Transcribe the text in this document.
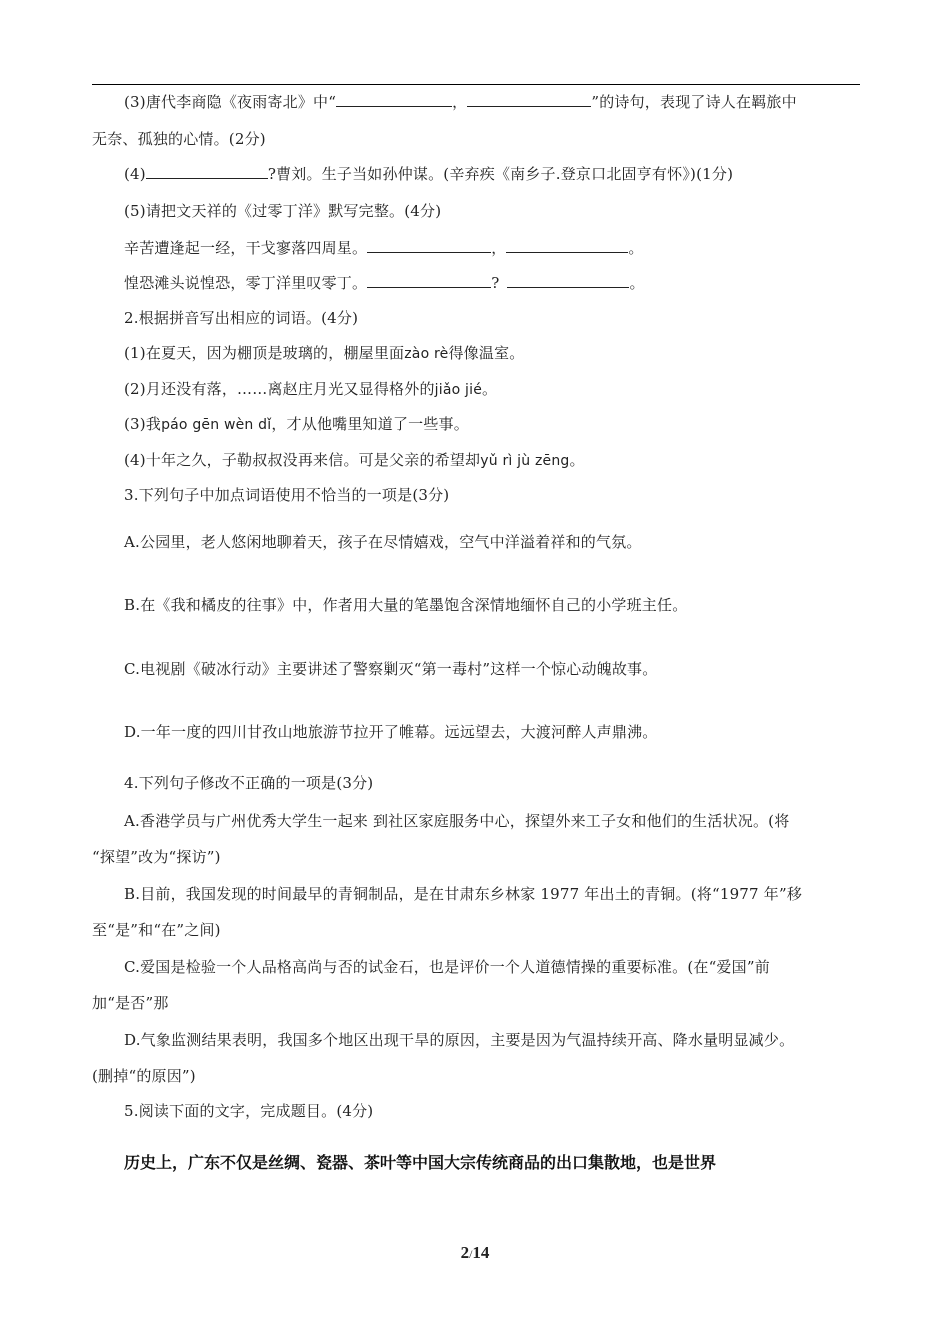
(3)唐代李商隐《夜雨寄北》中“	，	”的诗句，表现了诗人在羁旅中
无奈、孤独的心情。(2分)
(4)	?曹刘。生子当如孙仲谋。(辛弃疾《南乡子.登京口北固亨有怀》)(1分)
(5)请把文天祥的《过零丁洋》默写完整。(4分)
辛苦遭逢起一经，干戈寥落四周星。	，	。
惶恐滩头说惶恐，零丁洋里叹零丁。	?	。
2.根据拼音写出相应的词语。(4分)
(1)在夏天，因为棚顶是玻璃的，棚屋里面zào rè得像温室。
(2)月还没有落，……离赵庄月光又显得格外的jiǎo jié。
(3)我páo gēn wèn dǐ，才从他嘴里知道了一些事。
(4)十年之久，子勒叔叔没再来信。可是父亲的希望却yǔ rì jù zēng。
3.下列句子中加点词语使用不恰当的一项是(3分)
A.公园里，老人悠闲地聊着天，孩子在尽情嬉戏，空气中洋溢着祥和的气氛。
B.在《我和橘皮的往事》中，作者用大量的笔墨饱含深情地缅怀自己的小学班主任。
C.电视剧《破冰行动》主要讲述了警察剿灭“第一毒村”这样一个惊心动魄故事。
D.一年一度的四川甘孜山地旅游节拉开了帷幕。远远望去，大渡河醉人声鼎沸。
4.下列句子修改不正确的一项是(3分)
A.香港学员与广州优秀大学生一起来 到社区家庭服务中心，探望外来工子女和他们的生活状况。(将
“探望”改为“探访”)
B.目前，我国发现的时间最早的青铜制品，是在甘肃东乡林家 1977 年出土的青铜。(将“1977 年”移
至“是”和“在”之间)
C.爱国是检验一个人品格高尚与否的试金石，也是评价一个人道德情操的重要标准。(在“爱国”前
加“是否”那
D.气象监测结果表明，我国多个地区出现干旱的原因，主要是因为气温持续开高、降水量明显减少。
(删掉“的原因”)
5.阅读下面的文字，完成题目。(4分)
历史上，广东不仅是丝绸、瓷器、茶叶等中国大宗传统商品的出口集散地，也是世界
2/14
